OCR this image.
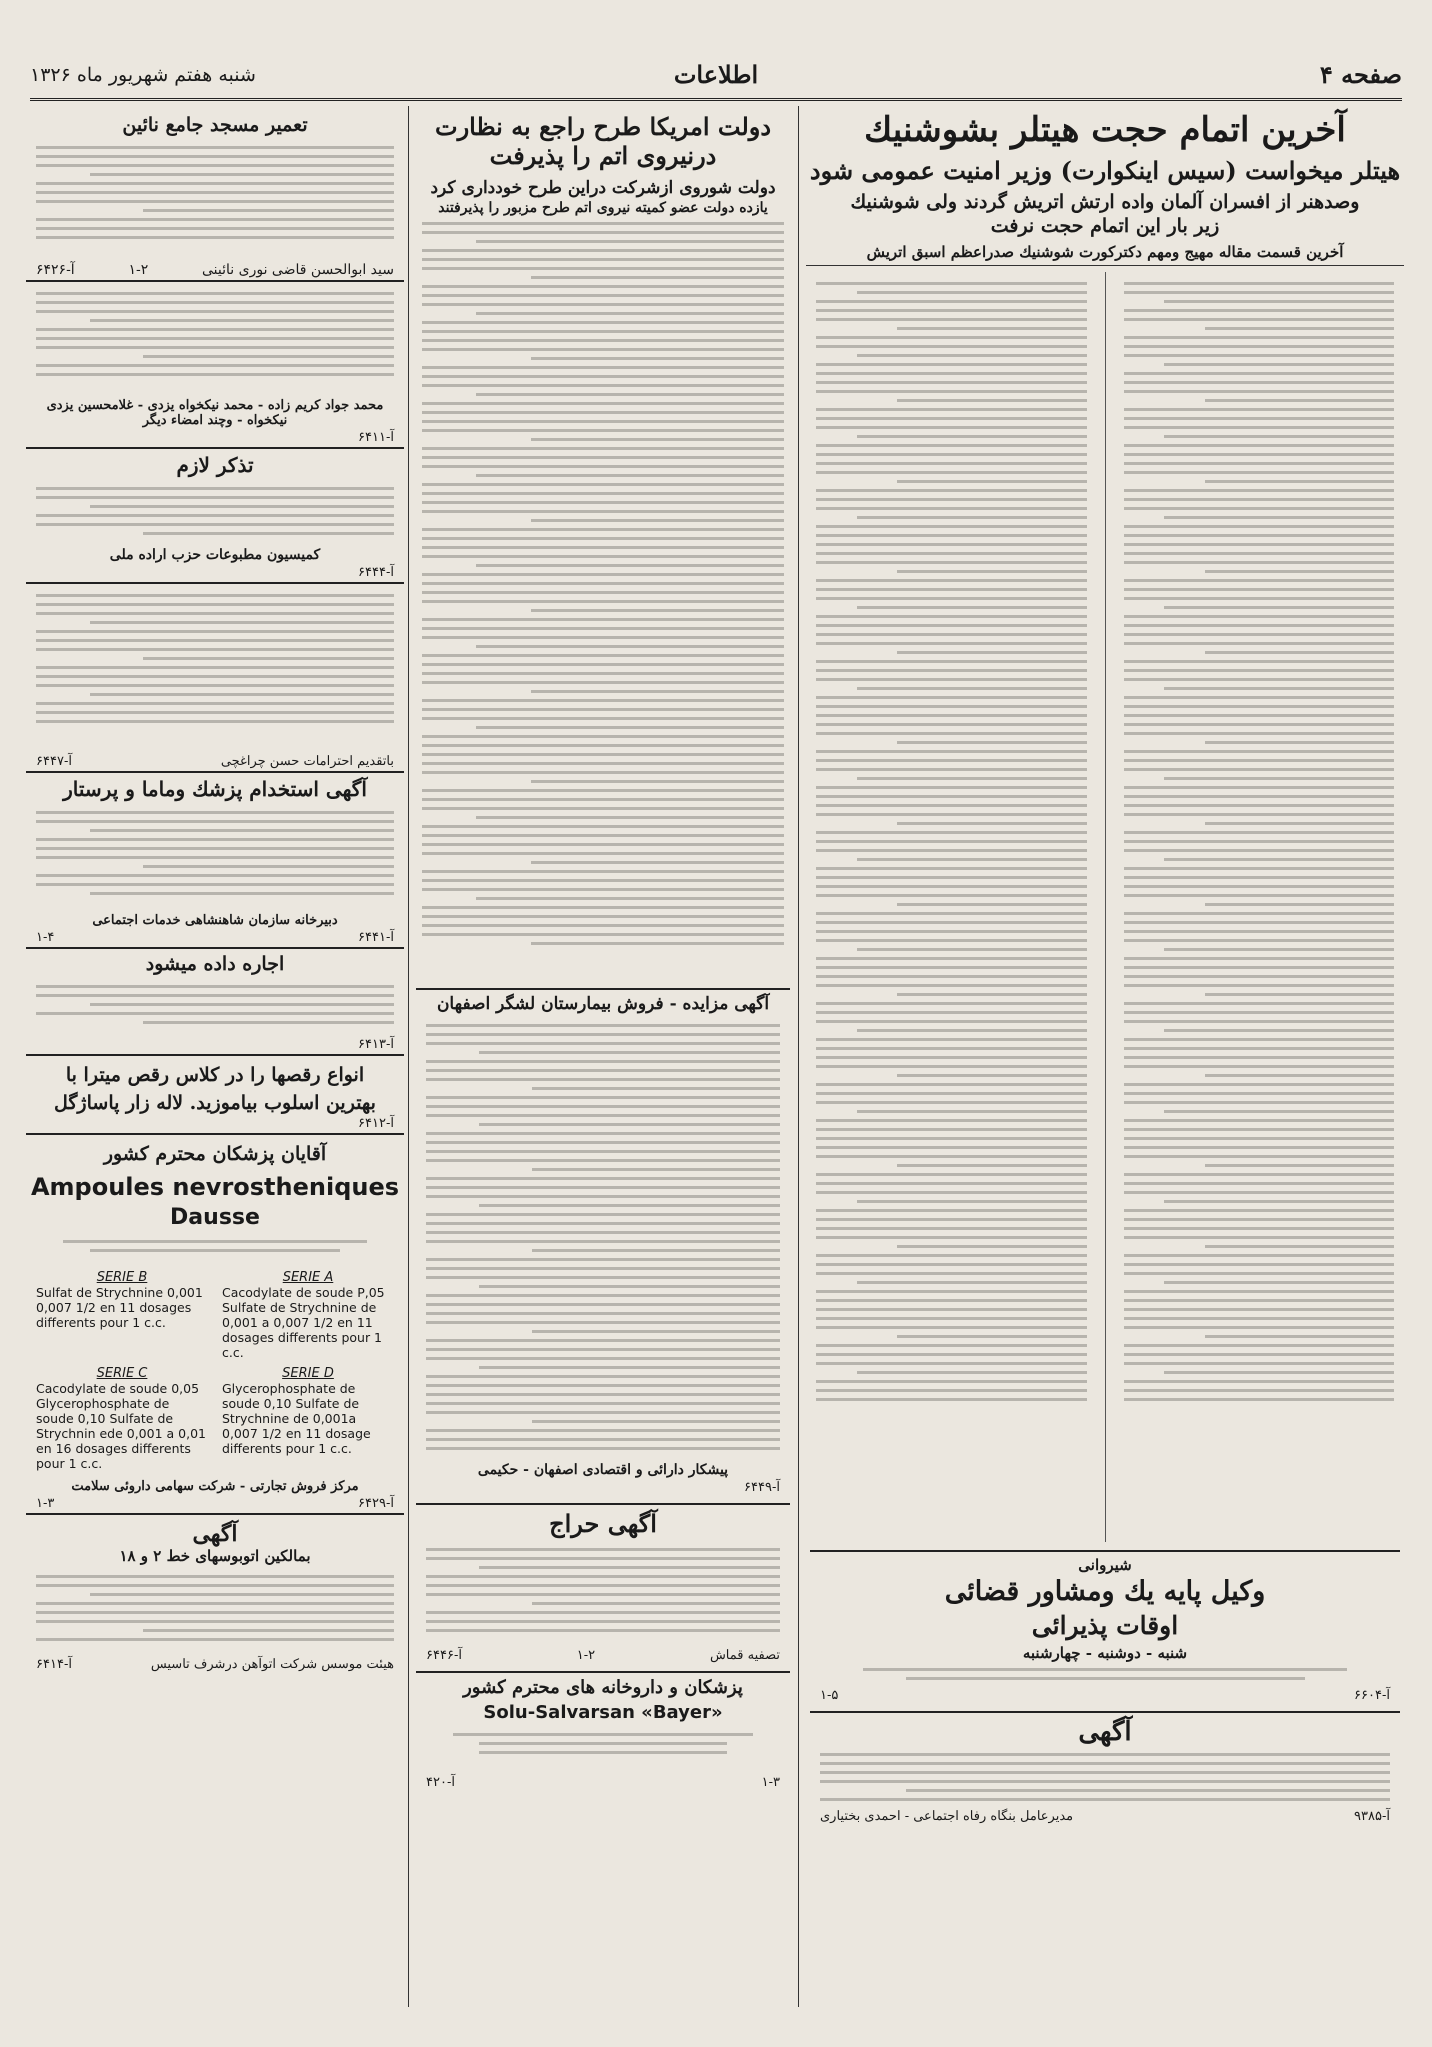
صفحه ۴
اطلاعات
شنبه هفتم شهریور ماه ۱۳۲۶
آخرین اتمام حجت هیتلر بشوشنیك
هیتلر میخواست (سیس اینکوارت) وزیر امنیت عمومی شود
وصدهنر از افسران آلمان واده ارتش اتریش گردند ولی شوشنیك
زیر بار این اتمام حجت نرفت
آخرین قسمت مقاله مهیج ومهم دکترکورت شوشنیك صدراعظم اسبق اتریش
شیروانی
وکیل پایه یك ومشاور قضائی
اوقات پذیرائی
شنبه - دوشنبه - چهارشنبه
آ-۶۶۰۴
۱-۵
آگهی
آ-۹۳۸۵
مدیرعامل بنگاه رفاه اجتماعی - احمدی بختیاری
دولت امریکا طرح راجع به نظارت
درنیروی اتم را پذیرفت
دولت شوروی ازشرکت دراین طرح خودداری کرد
یازده دولت عضو کمیته نیروی اتم طرح مزبور را پذیرفتند
آگهی مزایده - فروش بیمارستان لشگر اصفهان
پیشکار دارائی و اقتصادی اصفهان - حکیمی
آ-۶۴۴۹
آگهی حراج
تصفیه قماش
۱-۲
آ-۶۴۴۶
پزشکان و داروخانه های محترم کشور
Solu-Salvarsan «Bayer»
۱-۳
آ-۴۲۰
تعمیر مسجد جامع نائین
سید ابوالحسن قاضی نوری نائینی
۱-۲
آ-۶۴۲۶
محمد جواد کریم زاده - محمد نیکخواه یزدی - غلامحسین یزدی نیکخواه - وچند امضاء دیگر
آ-۶۴۱۱
تذکر لازم
کمیسیون مطبوعات حزب اراده ملی
آ-۶۴۴۴
باتقدیم احترامات حسن چراغچی
آ-۶۴۴۷
آگهی استخدام پزشك وماما و پرستار
دبیرخانه سازمان شاهنشاهی خدمات اجتماعی
آ-۶۴۴۱
۱-۴
اجاره داده میشود
آ-۶۴۱۳
انواع رقصها را در کلاس رقص میترا با
بهترین اسلوب بیاموزید. لاله زار پاساژگل
آ-۶۴۱۲
آقایان پزشکان محترم کشور
Ampoules nevrostheniques
Dausse
SERIE B
Sulfat de Strychnine 0,001 0,007 1/2 en 11 dosages differents pour 1 c.c.
SERIE A
Cacodylate de soude P,05 Sulfate de Strychnine de 0,001 a 0,007 1/2 en 11 dosages differents pour 1 c.c.
SERIE C
Cacodylate de soude 0,05 Glycerophosphate de soude 0,10 Sulfate de Strychnin ede 0,001 a 0,01 en 16 dosages differents pour 1 c.c.
SERIE D
Glycerophosphate de soude 0,10 Sulfate de Strychnine de 0,001a 0,007 1/2 en 11 dosage differents pour 1 c.c.
مرکز فروش تجارتی - شرکت سهامی داروئی سلامت
آ-۶۴۲۹
۱-۳
آگهی
بمالکین اتوبوسهای خط ۲ و ۱۸
هیئت موسس شرکت اتوآهن درشرف تاسیس
آ-۶۴۱۴
